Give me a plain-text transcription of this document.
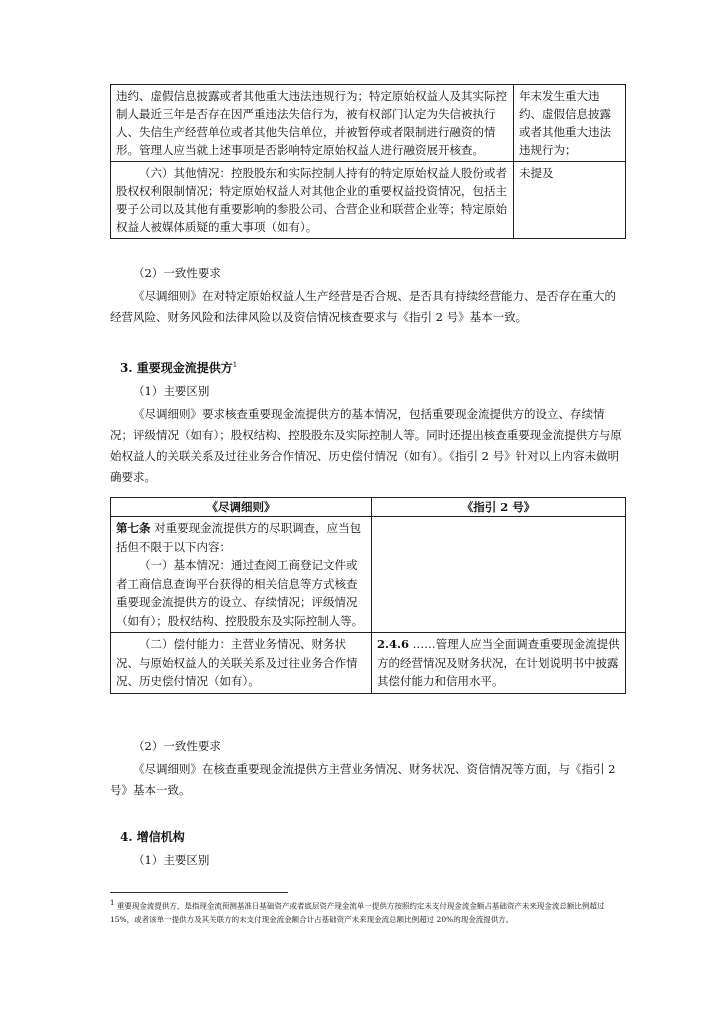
违约、虚假信息披露或者其他重大违法违规行为；特定原始权益人及其实际控制人最近三年是否存在因严重违法失信行为，被有权部门认定为失信被执行人、失信生产经营单位或者其他失信单位，并被暂停或者限制进行融资的情形。管理人应当就上述事项是否影响特定原始权益人进行融资展开核查。	年末发生重大违约、虚假信息披露或者其他重大违法违规行为；

（六）其他情况：控股股东和实际控制人持有的特定原始权益人股份或者股权权利限制情况；特定原始权益人对其他企业的重要权益投资情况，包括主要子公司以及其他有重要影响的参股公司、合营企业和联营企业等；特定原始权益人被媒体质疑的重大事项（如有）。	未提及

（2）一致性要求

《尽调细则》在对特定原始权益人生产经营是否合规、是否具有持续经营能力、是否存在重大的经营风险、财务风险和法律风险以及资信情况核查要求与《指引 2 号》基本一致。

3. 重要现金流提供方$^1$

（1）主要区别

《尽调细则》要求核查重要现金流提供方的基本情况，包括重要现金流提供方的设立、存续情况；评级情况（如有）；股权结构、控股股东及实际控制人等。同时还提出核查重要现金流提供方与原始权益人的关联关系及过往业务合作情况、历史偿付情况（如有）。《指引 2 号》针对以上内容未做明确要求。

《尽调细则》	《指引 2 号》
第七条 对重要现金流提供方的尽职调查，应当包括但不限于以下内容：
（一）基本情况：通过查阅工商登记文件或者工商信息查询平台获得的相关信息等方式核查重要现金流提供方的设立、存续情况；评级情况（如有）；股权结构、控股股东及实际控制人等。	

（二）偿付能力：主营业务情况、财务状况、与原始权益人的关联关系及过往业务合作情况、历史偿付情况（如有）。	2.4.6 ……管理人应当全面调查重要现金流提供方的经营情况及财务状况，在计划说明书中披露其偿付能力和信用水平。

（2）一致性要求

《尽调细则》在核查重要现金流提供方主营业务情况、财务状况、资信情况等方面，与《指引 2 号》基本一致。

4. 增信机构

（1）主要区别

1 重要现金流提供方，是指现金流预测基准日基础资产或者底层资产现金流单一提供方按照约定未支付现金流金额占基础资产未来现金流总额比例超过 15%，或者该单一提供方及其关联方的未支付现金流金额合计占基础资产未来现金流总额比例超过 20%的现金流提供方。
